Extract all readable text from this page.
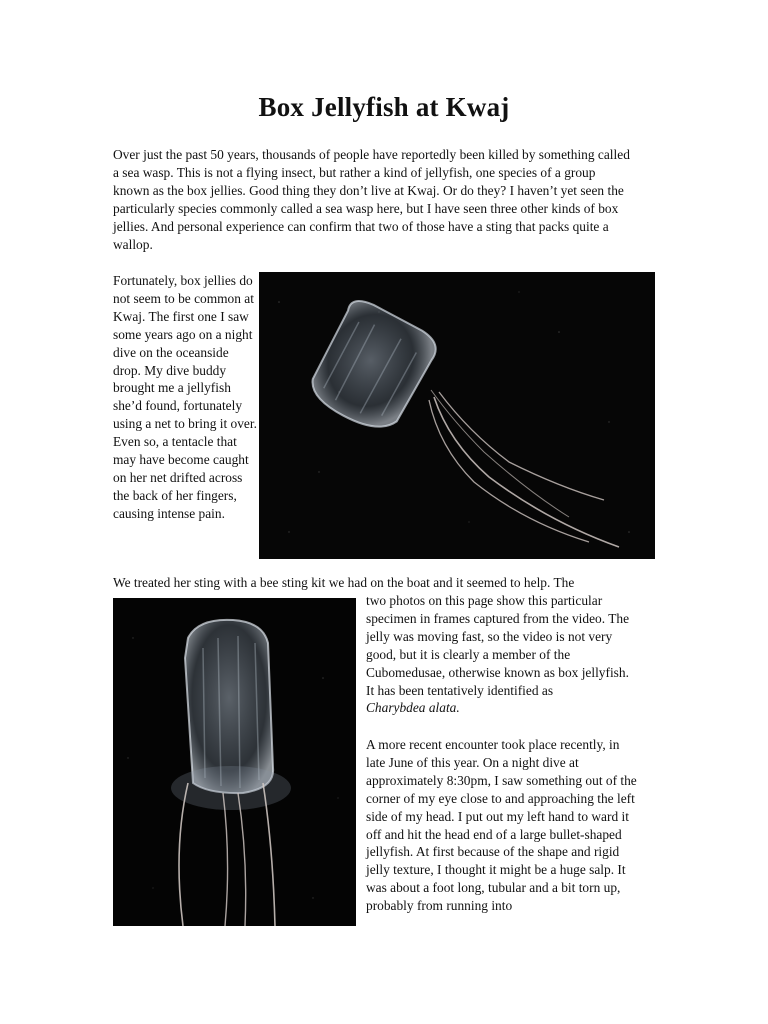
Box Jellyfish at Kwaj

Over just the past 50 years, thousands of people have reportedly been killed by something called a sea wasp. This is not a flying insect, but rather a kind of jellyfish, one species of a group known as the box jellies. Good thing they don’t live at Kwaj. Or do they? I haven’t yet seen the particularly species commonly called a sea wasp here, but I have seen three other kinds of box jellies. And personal experience can confirm that two of those have a sting that packs quite a wallop.

Fortunately, box jellies do not seem to be common at Kwaj. The first one I saw some years ago on a night dive on the oceanside drop. My dive buddy brought me a jellyfish she’d found, fortunately using a net to bring it over. Even so, a tentacle that may have become caught on her net drifted across the back of her fingers, causing intense pain.

We treated her sting with a bee sting kit we had on the boat and it seemed to help. The

two photos on this page show this particular specimen in frames captured from the video. The jelly was moving fast, so the video is not very good, but it is clearly a member of the Cubomedusae, otherwise known as box jellyfish. It has been tentatively identified as
Charybdea alata.

A more recent encounter took place recently, in late June of this year. On a night dive at approximately 8:30pm, I saw something out of the corner of my eye close to and approaching the left side of my head. I put out my left hand to ward it off and hit the head end of a large bullet-shaped jellyfish. At first because of the shape and rigid jelly texture, I thought it might be a huge salp. It was about a foot long, tubular and a bit torn up, probably from running into
